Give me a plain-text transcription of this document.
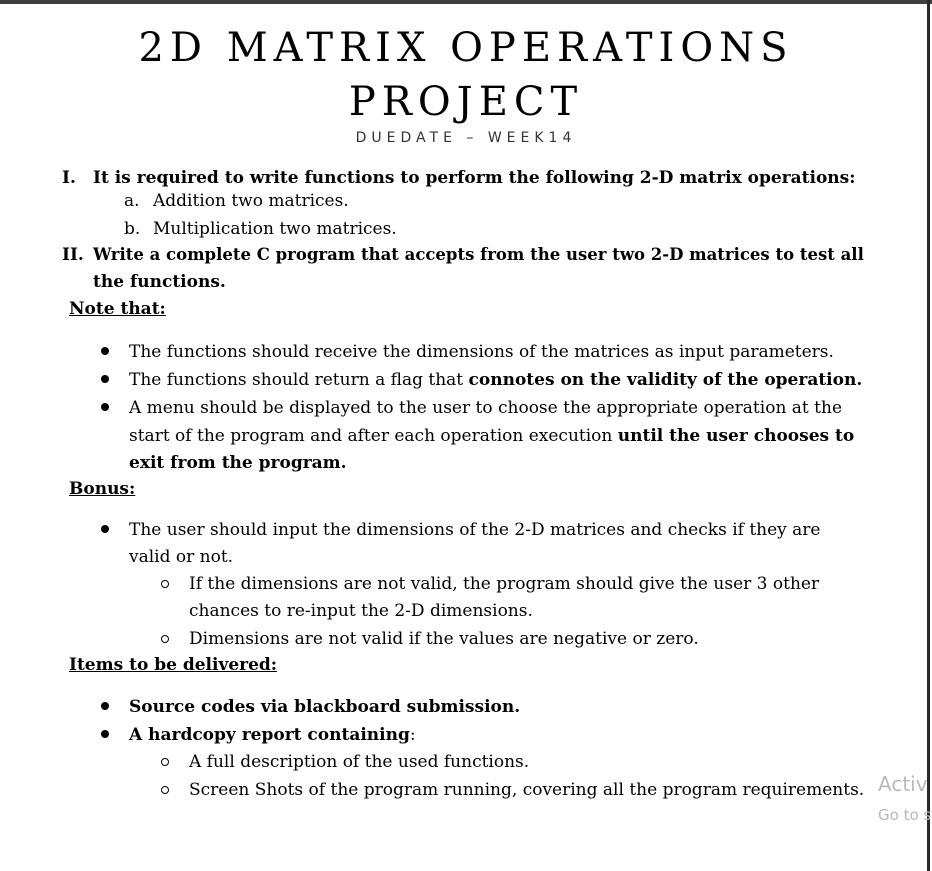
2D MATRIX OPERATIONS
PROJECT
DUEDATE – WEEK14
I. It is required to write functions to perform the following 2-D matrix operations:
a. Addition two matrices.
b. Multiplication two matrices.
II. Write a complete C program that accepts from the user two 2-D matrices to test all
the functions.
Note that:
The functions should receive the dimensions of the matrices as input parameters.
The functions should return a flag that connotes on the validity of the operation.
A menu should be displayed to the user to choose the appropriate operation at the
start of the program and after each operation execution until the user chooses to
exit from the program.
Bonus:
The user should input the dimensions of the 2-D matrices and checks if they are
valid or not.
If the dimensions are not valid, the program should give the user 3 other
chances to re-input the 2-D dimensions.
Dimensions are not valid if the values are negative or zero.
Items to be delivered:
Source codes via blackboard submission.
A hardcopy report containing:
A full description of the used functions.
Screen Shots of the program running, covering all the program requirements. Activ
Go to s
